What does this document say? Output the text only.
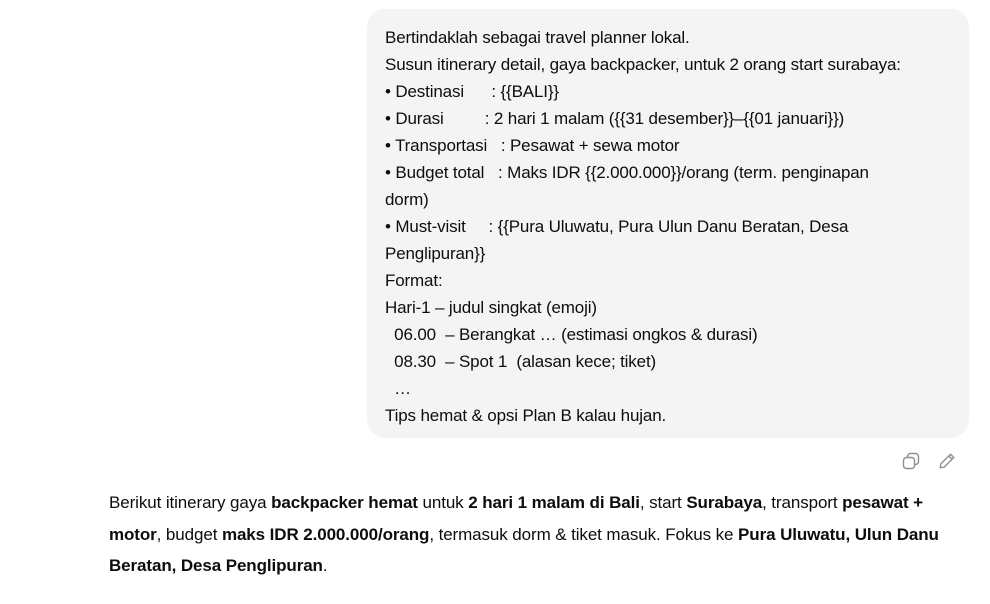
Bertindaklah sebagai travel planner lokal.
Susun itinerary detail, gaya backpacker, untuk 2 orang start surabaya:
• Destinasi      : {{BALI}}
• Durasi         : 2 hari 1 malam ({{31 desember}}–{{01 januari}})
• Transportasi   : Pesawat + sewa motor
• Budget total   : Maks IDR {{2.000.000}}/orang (term. penginapan
dorm)
• Must-visit     : {{Pura Uluwatu, Pura Ulun Danu Beratan, Desa
Penglipuran}}
Format:
Hari-1 – judul singkat (emoji)
06.00  – Berangkat … (estimasi ongkos & durasi)
08.30  – Spot 1  (alasan kece; tiket)
…
Tips hemat & opsi Plan B kalau hujan.
Berikut itinerary gaya backpacker hemat untuk 2 hari 1 malam di Bali, start Surabaya, transport pesawat + motor, budget maks IDR 2.000.000/orang, termasuk dorm & tiket masuk. Fokus ke Pura Uluwatu, Ulun Danu Beratan, Desa Penglipuran.
